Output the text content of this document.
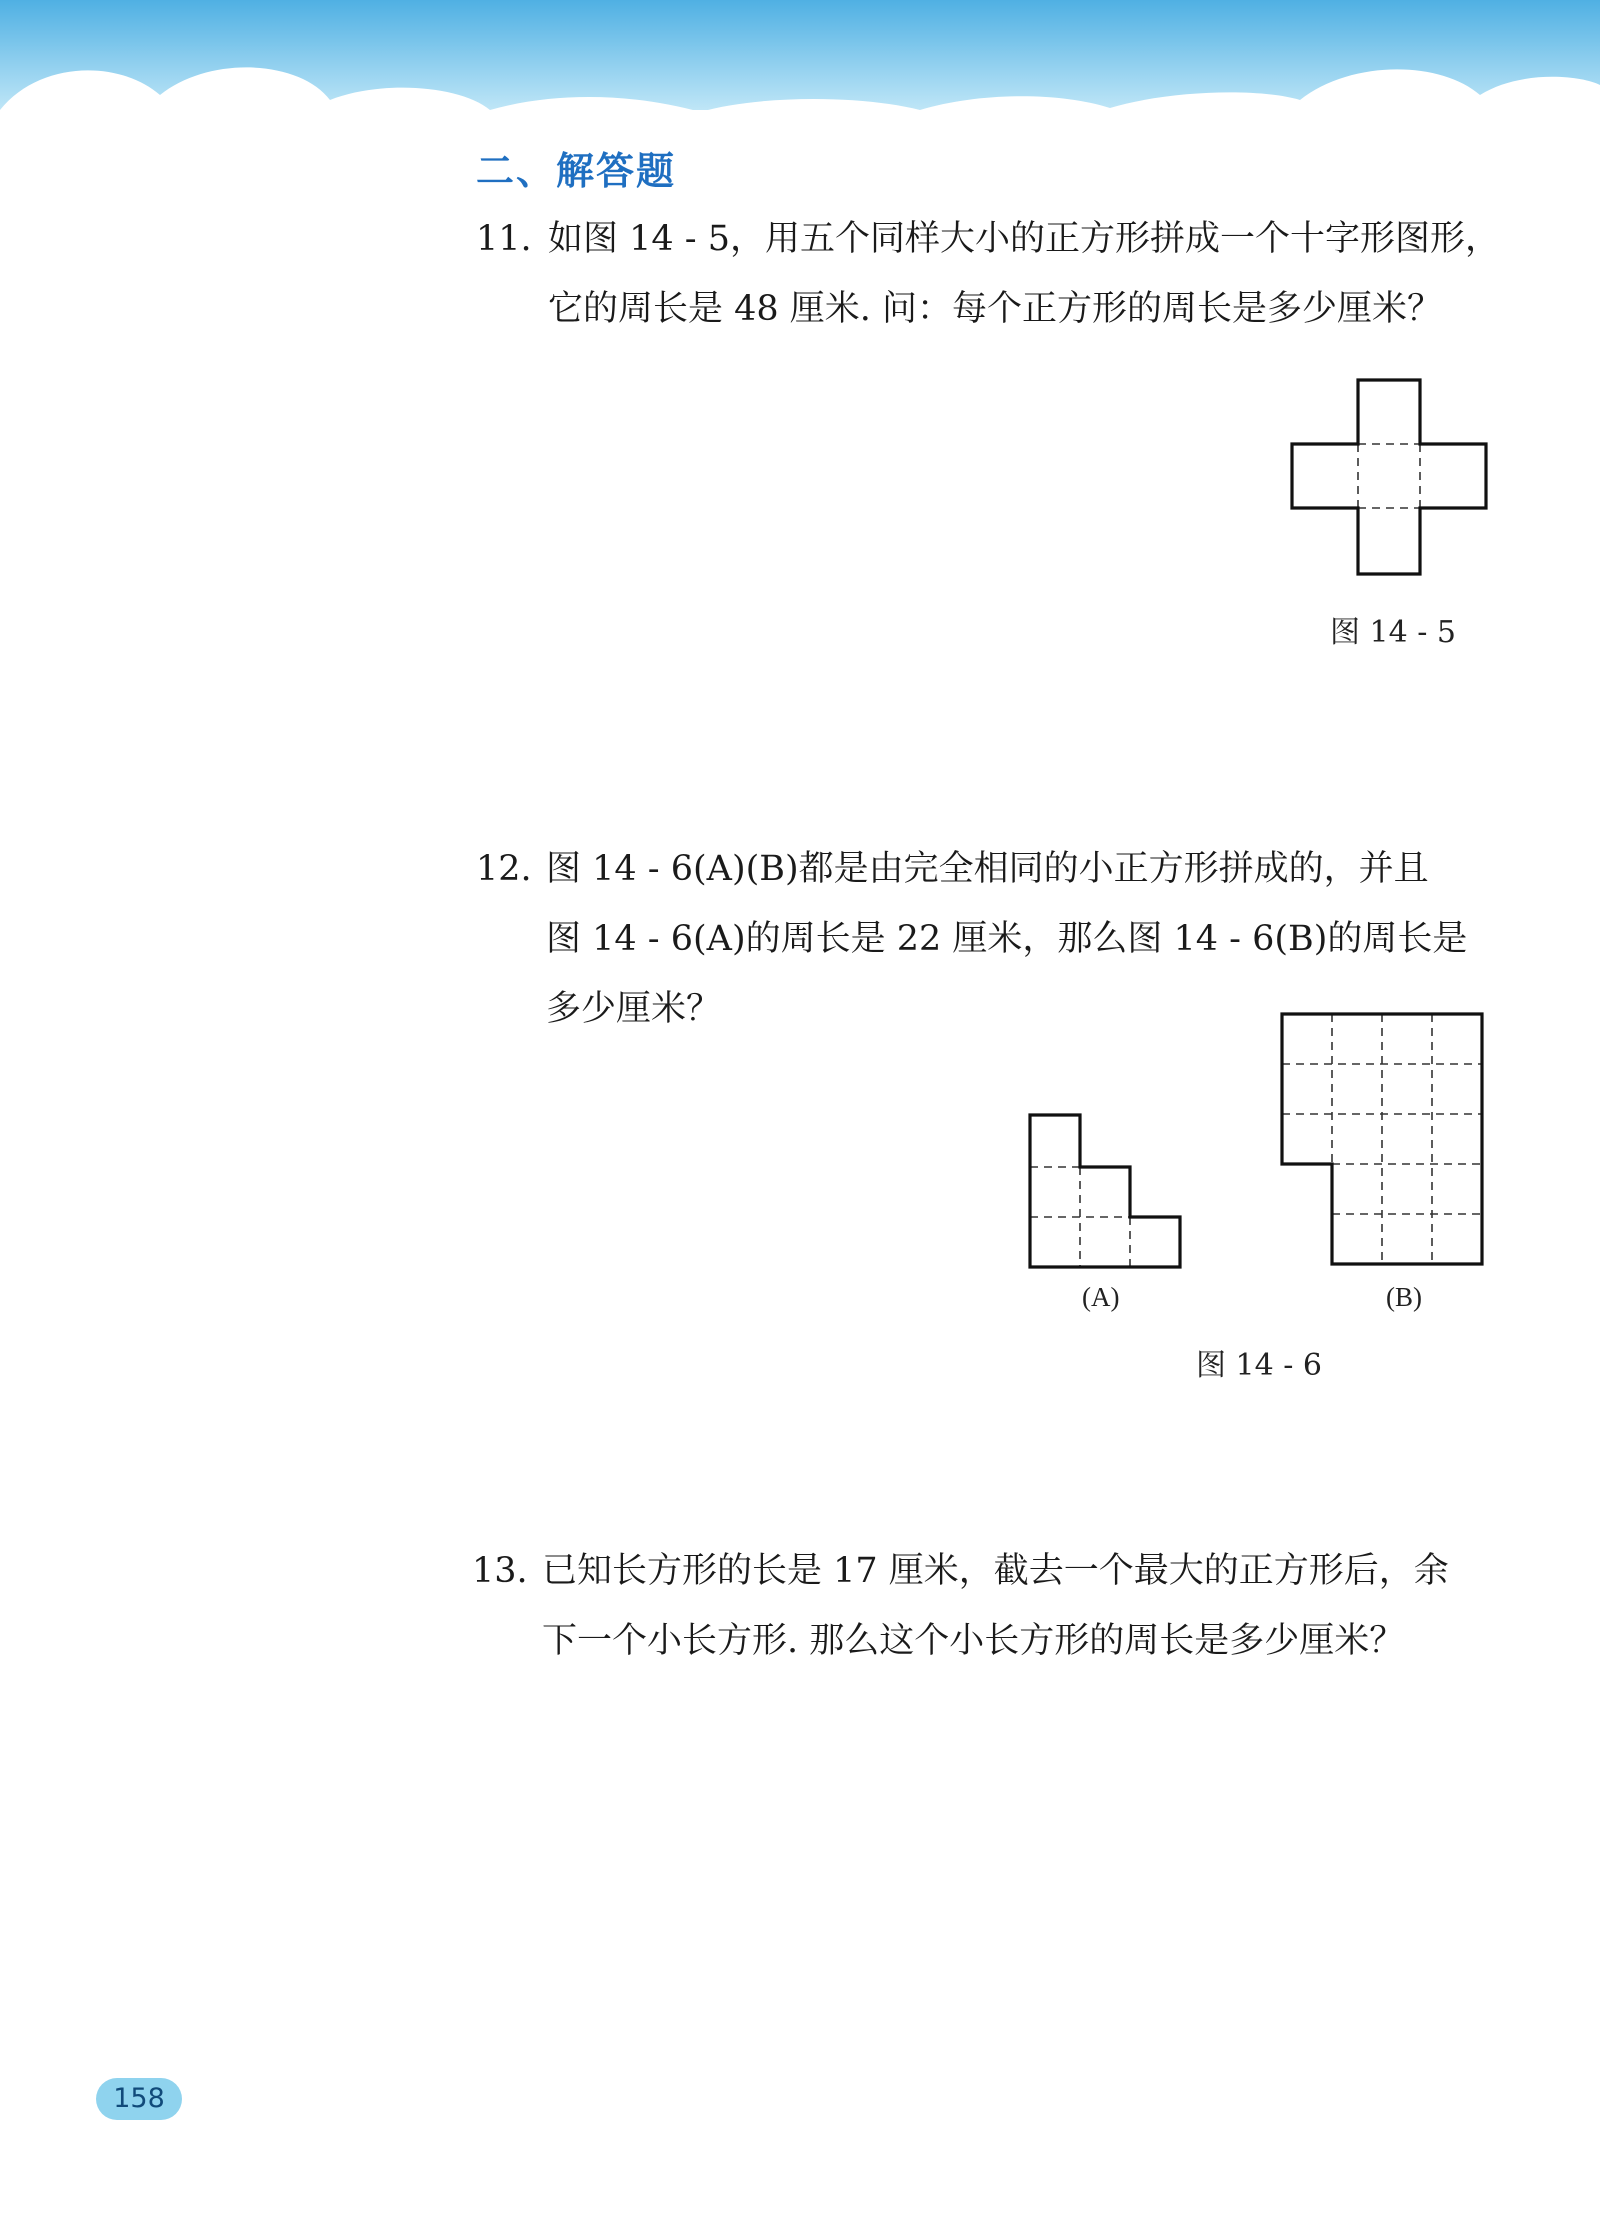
二、解答题
11. 如图 14 - 5，用五个同样大小的正方形拼成一个十字形图形，
它的周长是 48 厘米. 问：每个正方形的周长是多少厘米？
图 14 - 5
12. 图 14 - 6(A)(B)都是由完全相同的小正方形拼成的，并且
图 14 - 6(A)的周长是 22 厘米，那么图 14 - 6(B)的周长是
多少厘米？
(A)	(B)
图 14 - 6
13. 已知长方形的长是 17 厘米，截去一个最大的正方形后，余
下一个小长方形. 那么这个小长方形的周长是多少厘米？
158
